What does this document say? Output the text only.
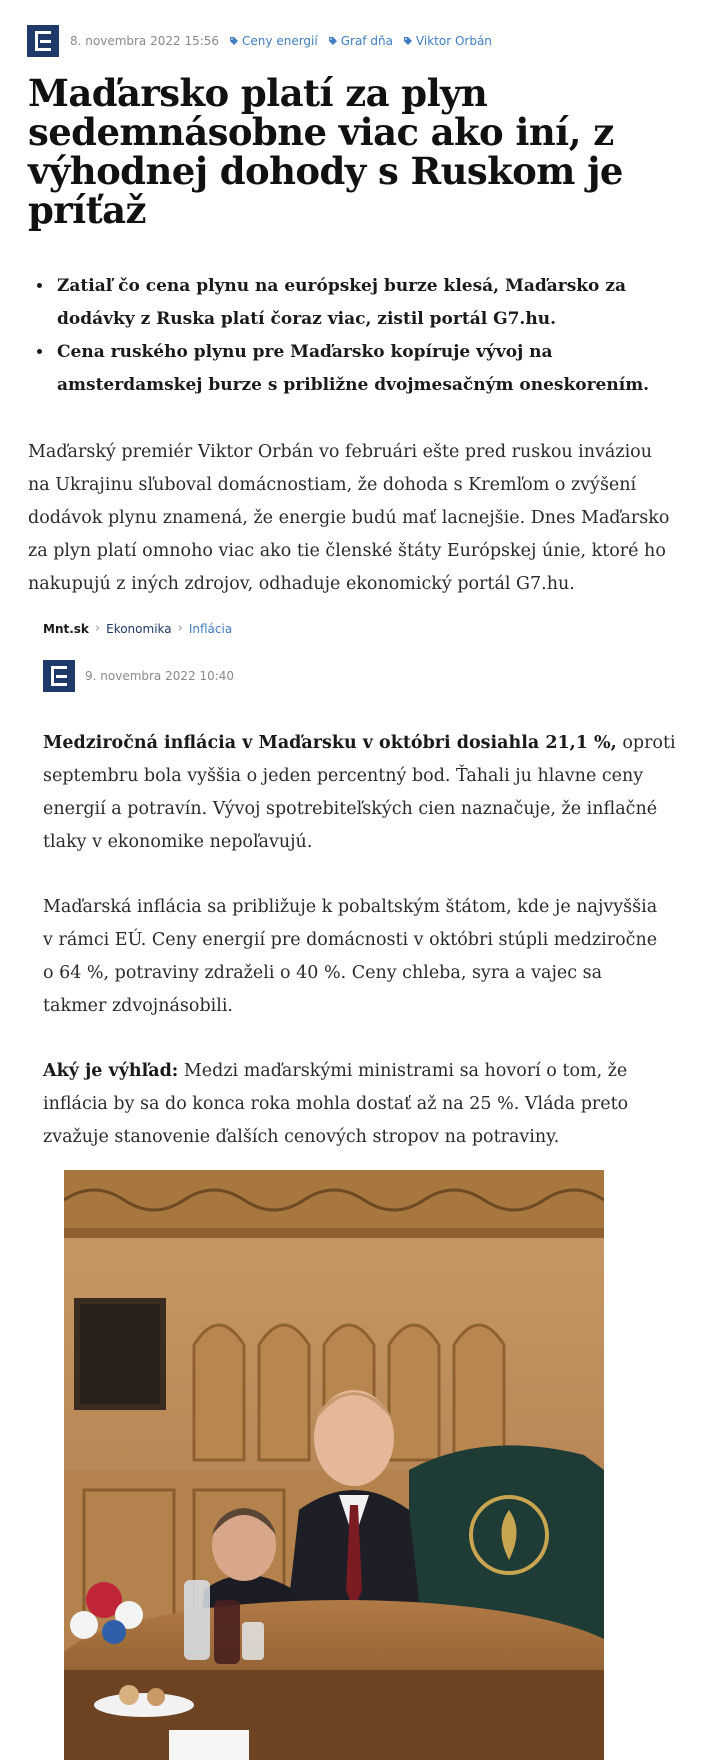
8. novembra 2022 15:56 Ceny energií Graf dňa Viktor Orbán
Maďarsko platí za plyn sedemnásobne viac ako iní, z výhodnej dohody s Ruskom je príťaž
• Zatiaľ čo cena plynu na európskej burze klesá, Maďarsko za dodávky z Ruska platí čoraz viac, zistil portál G7.hu.
• Cena ruského plynu pre Maďarsko kopíruje vývoj na amsterdamskej burze s približne dvojmesačným oneskorením.

Maďarský premiér Viktor Orbán vo februári ešte pred ruskou inváziou na Ukrajinu sľuboval domácnostiam, že dohoda s Kremľom o zvýšení dodávok plynu znamená, že energie budú mať lacnejšie. Dnes Maďarsko za plyn platí omnoho viac ako tie členské štáty Európskej únie, ktoré ho nakupujú z iných zdrojov, odhaduje ekonomický portál G7.hu.

Mnt.sk › Ekonomika › Inflácia
9. novembra 2022 10:40

Medziročná inflácia v Maďarsku v októbri dosiahla 21,1 %, oproti septembru bola vyššia o jeden percentný bod. Ťahali ju hlavne ceny energií a potravín. Vývoj spotrebiteľských cien naznačuje, že inflačné tlaky v ekonomike nepoľavujú.

Maďarská inflácia sa približuje k pobaltským štátom, kde je najvyššia v rámci EÚ. Ceny energií pre domácnosti v októbri stúpli medziročne o 64 %, potraviny zdraželi o 40 %. Ceny chleba, syra a vajec sa takmer zdvojnásobili.

Aký je výhľad: Medzi maďarskými ministrami sa hovorí o tom, že inflácia by sa do konca roka mohla dostať až na 25 %. Vláda preto zvažuje stanovenie ďalších cenových stropov na potraviny.
